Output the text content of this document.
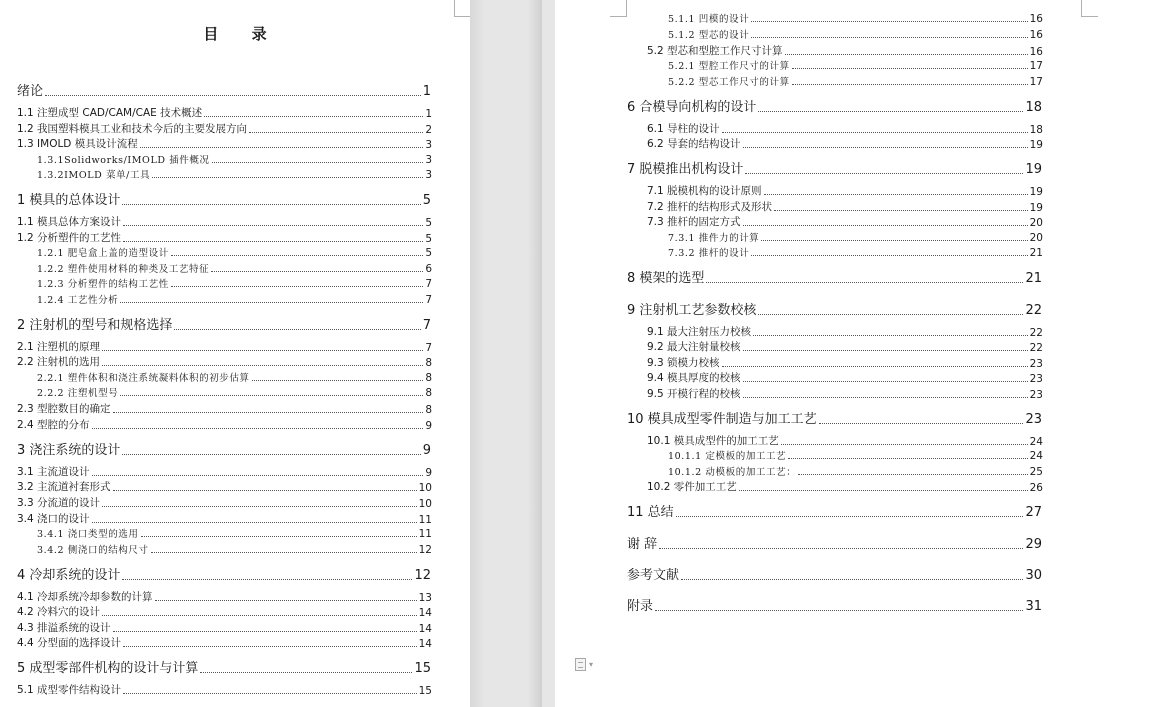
目 录
绪论	1
1.1 注塑成型 CAD/CAM/CAE 技术概述	1
1.2 我国塑料模具工业和技术今后的主要发展方向	2
1.3 IMOLD 模具设计流程	3
1.3.1Solidworks/IMOLD 插件概况	3
1.3.2IMOLD 菜单/工具	3
1 模具的总体设计	5
1.1 模具总体方案设计	5
1.2 分析塑件的工艺性	5
1.2.1 肥皂盒上盖的造型设计	5
1.2.2 塑件使用材料的种类及工艺特征	6
1.2.3 分析塑件的结构工艺性	7
1.2.4 工艺性分析	7
2 注射机的型号和规格选择	7
2.1 注塑机的原理	7
2.2 注射机的选用	8
2.2.1 塑件体积和浇注系统凝料体积的初步估算	8
2.2.2 注塑机型号	8
2.3 型腔数目的确定	8
2.4 型腔的分布	9
3 浇注系统的设计	9
3.1 主流道设计	9
3.2 主流道衬套形式	10
3.3 分流道的设计	10
3.4 浇口的设计	11
3.4.1 浇口类型的选用	11
3.4.2 侧浇口的结构尺寸	12
4 冷却系统的设计	12
4.1 冷却系统冷却参数的计算	13
4.2 冷料穴的设计	14
4.3 排溢系统的设计	14
4.4 分型面的选择设计	14
5 成型零部件机构的设计与计算	15
5.1 成型零件结构设计	15
5.1.1 凹模的设计	16
5.1.2 型芯的设计	16
5.2 型芯和型腔工作尺寸计算	16
5.2.1 型腔工作尺寸的计算	17
5.2.2 型芯工作尺寸的计算	17
6 合模导向机构的设计	18
6.1 导柱的设计	18
6.2 导套的结构设计	19
7 脱模推出机构设计	19
7.1 脱模机构的设计原则	19
7.2 推杆的结构形式及形状	19
7.3 推杆的固定方式	20
7.3.1 推件力的计算	20
7.3.2 推杆的设计	21
8 模架的选型	21
9 注射机工艺参数校核	22
9.1 最大注射压力校核	22
9.2 最大注射量校核	22
9.3 锁模力校核	23
9.4 模具厚度的校核	23
9.5 开模行程的校核	23
10 模具成型零件制造与加工工艺	23
10.1 模具成型件的加工工艺	24
10.1.1 定模板的加工工艺	24
10.1.2 动模板的加工工艺：	25
10.2 零件加工工艺	26
11 总结	27
谢 辞	29
参考文献	30
附录	31
▾
